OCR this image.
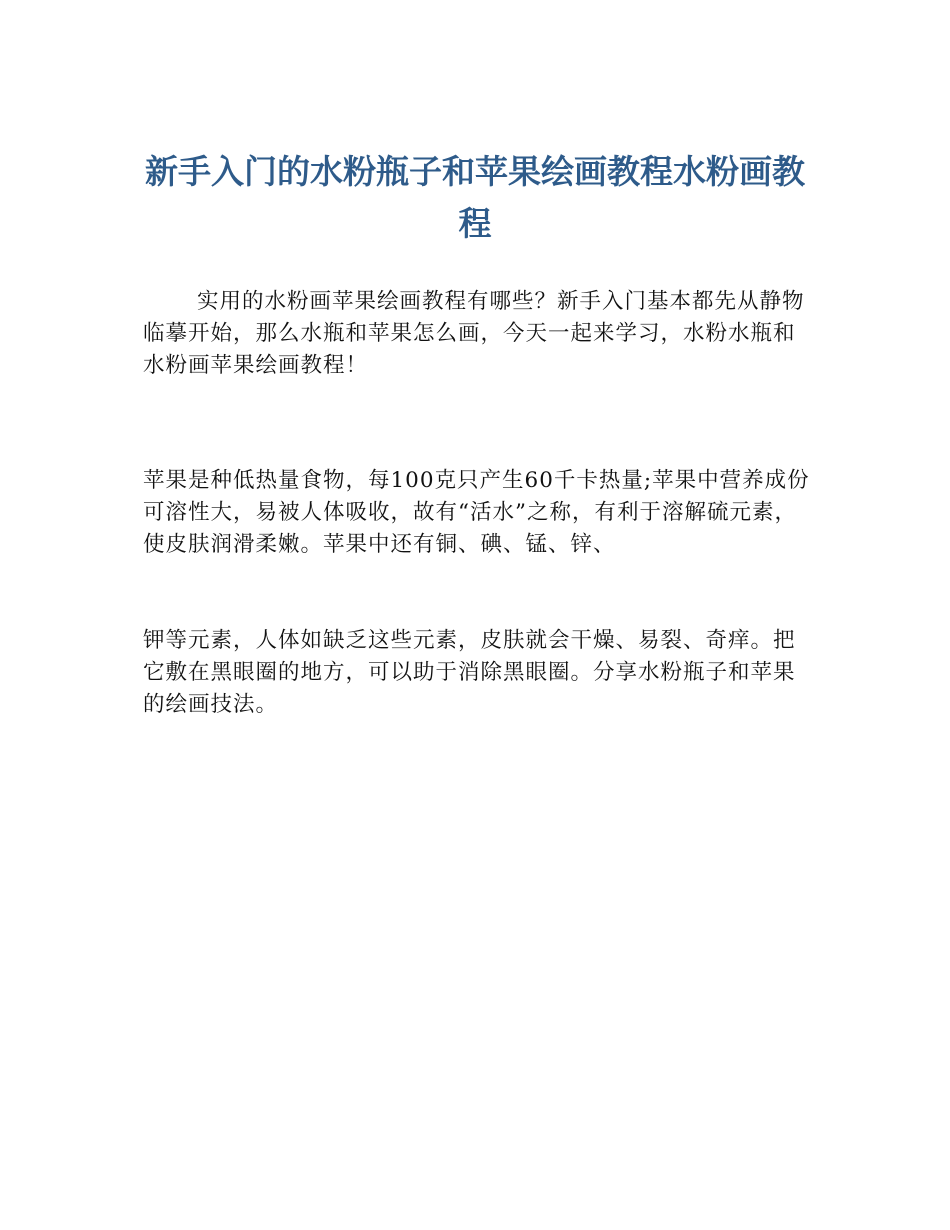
新手入门的水粉瓶子和苹果绘画教程水粉画教程

实用的水粉画苹果绘画教程有哪些？新手入门基本都先从静物临摹开始，那么水瓶和苹果怎么画，今天一起来学习，水粉水瓶和水粉画苹果绘画教程！

苹果是种低热量食物，每100克只产生60千卡热量;苹果中营养成份可溶性大，易被人体吸收，故有“活水”之称，有利于溶解硫元素，使皮肤润滑柔嫩。苹果中还有铜、碘、锰、锌、

钾等元素，人体如缺乏这些元素，皮肤就会干燥、易裂、奇痒。把它敷在黑眼圈的地方，可以助于消除黑眼圈。分享水粉瓶子和苹果的绘画技法。
